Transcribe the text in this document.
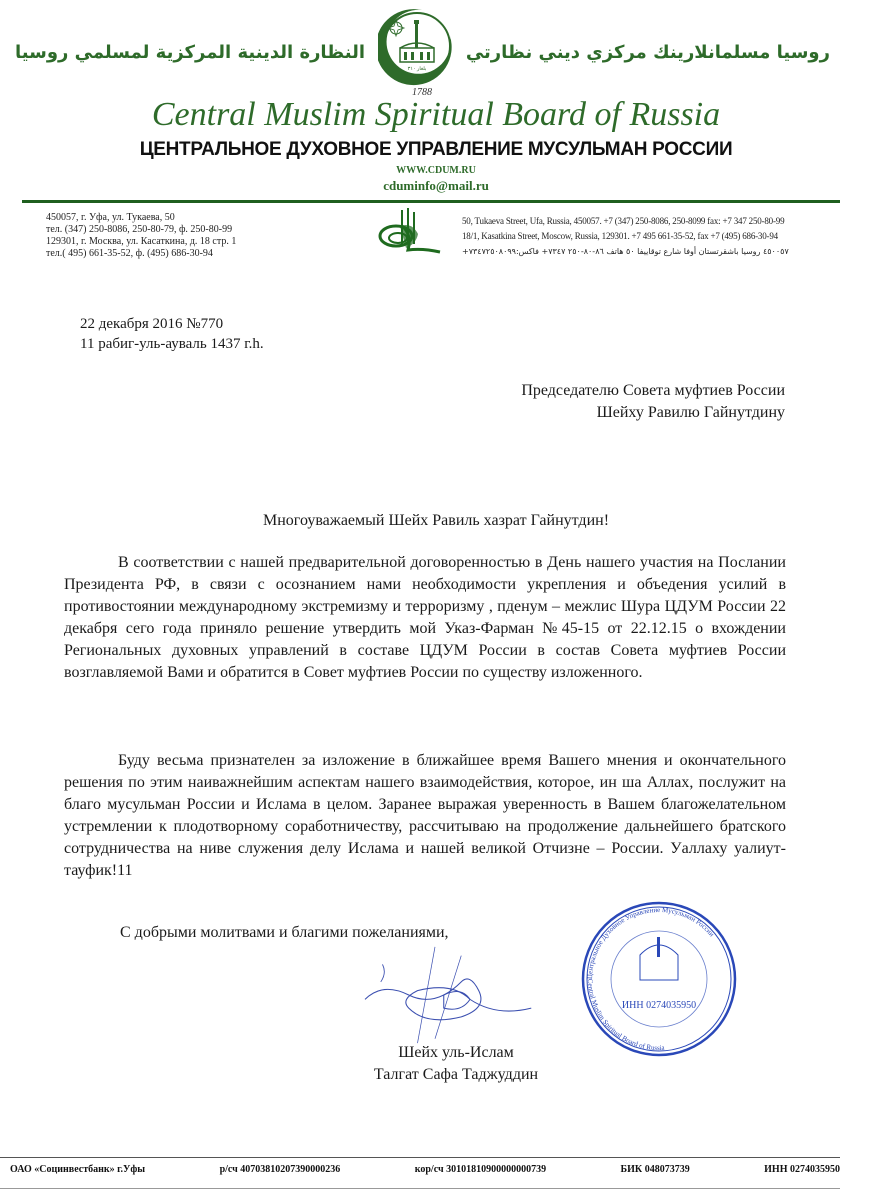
النظارة الدينية المركزية لمسلمي روسيا	روسيا مسلمانلارينك مركزي ديني نظارتي
بلغار ٣١٠
1788
Central Muslim Spiritual Board of Russia
ЦЕНТРАЛЬНОЕ ДУХОВНОЕ УПРАВЛЕНИЕ МУСУЛЬМАН РОССИИ
WWW.CDUM.RU
cduminfo@mail.ru
450057, г. Уфа, ул. Тукаева, 50
тел. (347) 250-8086, 250-80-79, ф. 250-80-99
129301, г. Москва, ул. Касаткина, д. 18 стр. 1
тел.( 495) 661-35-52, ф. (495) 686-30-94
50, Tukaeva Street, Ufa, Russia, 450057. +7 (347) 250-8086, 250-8099 fax: +7 347 250-80-99
18/1, Kasatkina Street, Moscow, Russia, 129301. +7 495 661-35-52, fax +7 (495) 686-30-94
٤٥٠٠٥٧ روسيا باشقرتستان أوفا شارع توقاييفا ٥٠ هاتف ٨٦-٨٠-٢٥٠ ٧٣٤٧+ فاكس:٧٣٤٧٢٥٠٨٠٩٩+
22 декабря 2016 №770
11 рабиг-уль-ауваль 1437 г.h.
Председателю Совета муфтиев России
Шейху Равилю Гайнутдину
Многоуважаемый Шейх Равиль хазрат Гайнутдин!
В соответствии с нашей предварительной договоренностью в День нашего участия на Послании Президента РФ, в связи с осознанием нами необходимости укрепления и объедения усилий в противостоянии международному экстремизму и терроризму , пденум – межлис Шура ЦДУМ России 22 декабря сего года приняло решение утвердить мой Указ-Фарман №45-15 от 22.12.15 о вхождении Региональных духовных управлений в составе ЦДУМ России в состав Совета муфтиев России возглавляемой Вами и обратится в Совет муфтиев России по существу изложенного.
Буду весьма признателен за изложение в ближайшее время Вашего мнения и окончательного решения по этим наиважнейшим аспектам нашего взаимодействия, которое, ин ша Аллах, послужит на благо мусульман России и Ислама в целом. Заранее выражая уверенность в Вашем благожелательном устремлении к плодотворному соработничеству, рассчитываю на продолжение дальнейшего братского сотрудничества на ниве служения делу Ислама и нашей великой Отчизне – России. Уаллаху уалиут-тауфик!11
С добрыми молитвами и благими пожеланиями,
Центральное Духовное Управление Мусульман России
Central Muslim Spiritual Board of Russia
ИНН 0274035950
Шейх уль-Ислам
Талгат Сафа Таджуддин
ОАО «Социнвестбанк» г.Уфы	р/сч 40703810207390000236	кор/сч 30101810900000000739	БИК 048073739	ИНН 0274035950
